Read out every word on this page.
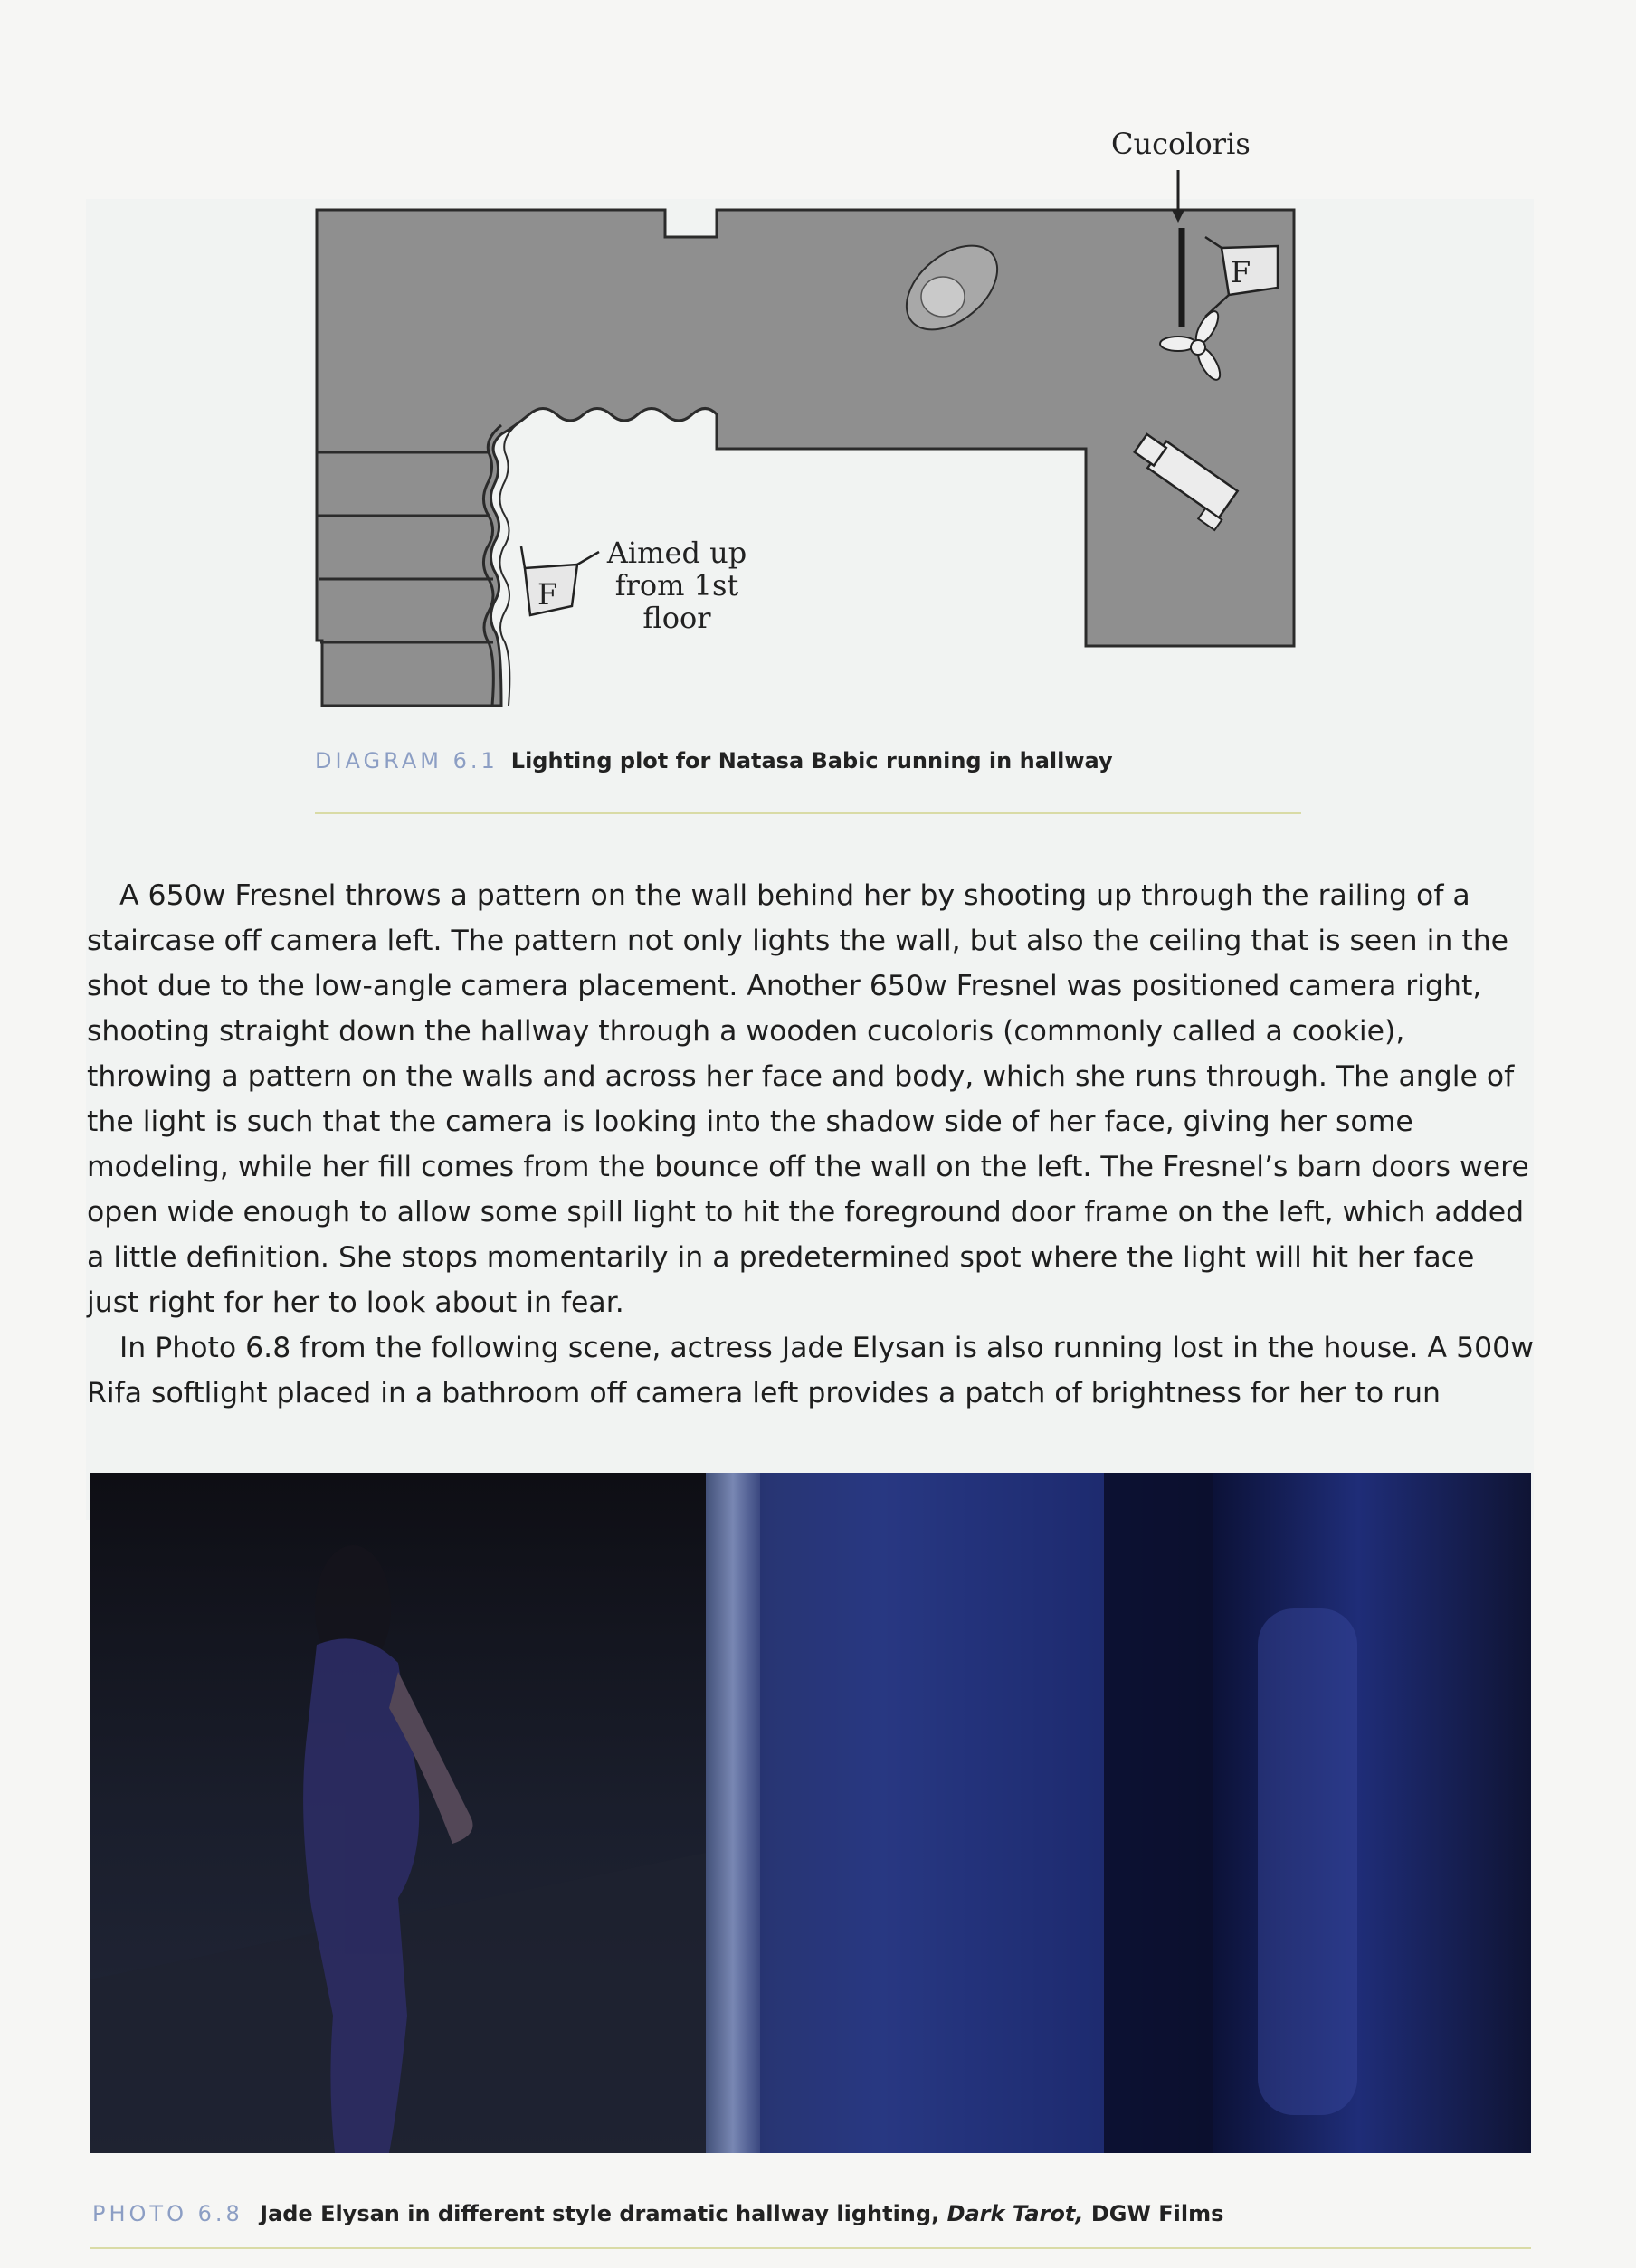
F
F
Cucoloris
Aimed up
from 1st
floor
DIAGRAM 6.1 Lighting plot for Natasa Babic running in hallway

A 650w Fresnel throws a pattern on the wall behind her by shooting up through the railing of a staircase off camera left. The pattern not only lights the wall, but also the ceiling that is seen in the shot due to the low-angle camera placement. Another 650w Fresnel was positioned camera right, shooting straight down the hallway through a wooden cucoloris (commonly called a cookie), throwing a pattern on the walls and across her face and body, which she runs through. The angle of the light is such that the camera is looking into the shadow side of her face, giving her some modeling, while her fill comes from the bounce off the wall on the left. The Fresnel’s barn doors were open wide enough to allow some spill light to hit the foreground door frame on the left, which added a little definition. She stops momentarily in a predetermined spot where the light will hit her face just right for her to look about in fear.

In Photo 6.8 from the following scene, actress Jade Elysan is also running lost in the house. A 500w Rifa softlight placed in a bathroom off camera left provides a patch of brightness for her to run

PHOTO 6.8 Jade Elysan in different style dramatic hallway lighting, Dark Tarot, DGW Films
